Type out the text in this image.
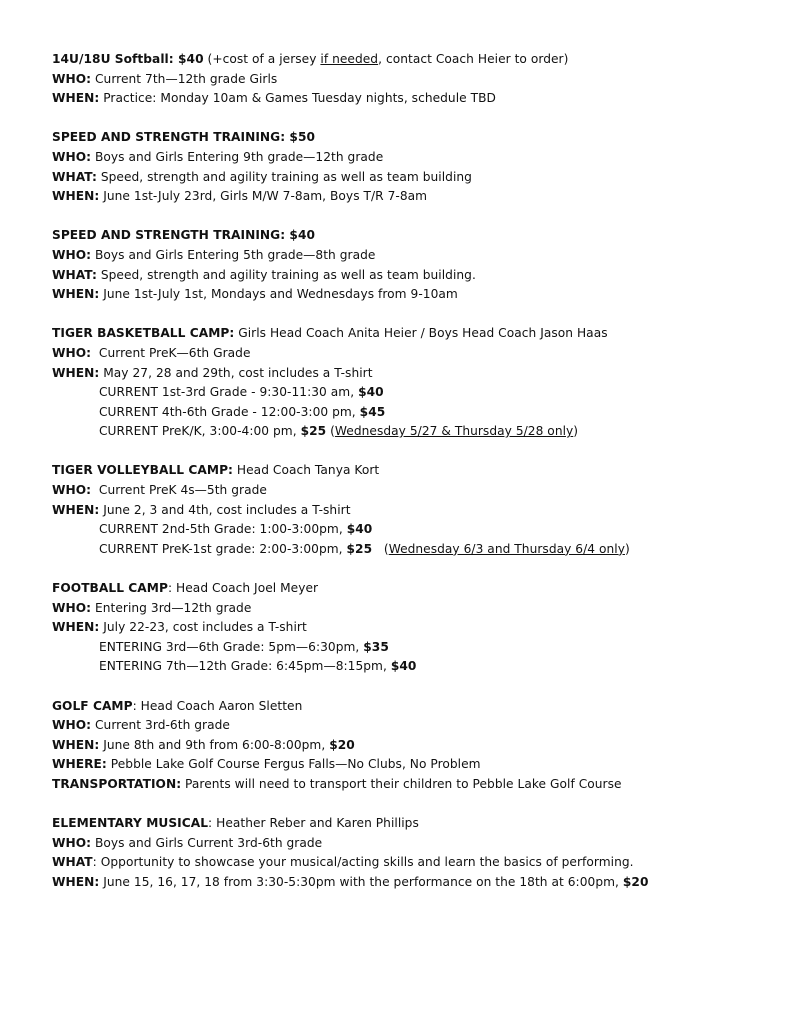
14U/18U Softball: $40 (+cost of a jersey if needed, contact Coach Heier to order)
WHO: Current 7th—12th grade Girls
WHEN: Practice: Monday 10am & Games Tuesday nights, schedule TBD
SPEED AND STRENGTH TRAINING: $50
WHO: Boys and Girls Entering 9th grade—12th grade
WHAT: Speed, strength and agility training as well as team building
WHEN: June 1st-July 23rd, Girls M/W 7-8am, Boys T/R 7-8am
SPEED AND STRENGTH TRAINING: $40
WHO: Boys and Girls Entering 5th grade—8th grade
WHAT: Speed, strength and agility training as well as team building.
WHEN: June 1st-July 1st, Mondays and Wednesdays from 9-10am
TIGER BASKETBALL CAMP: Girls Head Coach Anita Heier / Boys Head Coach Jason Haas
WHO:  Current PreK—6th Grade
WHEN: May 27, 28 and 29th, cost includes a T-shirt
CURRENT 1st-3rd Grade - 9:30-11:30 am, $40
CURRENT 4th-6th Grade - 12:00-3:00 pm, $45
CURRENT PreK/K, 3:00-4:00 pm, $25 (Wednesday 5/27 & Thursday 5/28 only)
TIGER VOLLEYBALL CAMP: Head Coach Tanya Kort
WHO:  Current PreK 4s—5th grade
WHEN: June 2, 3 and 4th, cost includes a T-shirt
CURRENT 2nd-5th Grade: 1:00-3:00pm, $40
CURRENT PreK-1st grade: 2:00-3:00pm, $25   (Wednesday 6/3 and Thursday 6/4 only)
FOOTBALL CAMP: Head Coach Joel Meyer
WHO: Entering 3rd—12th grade
WHEN: July 22-23, cost includes a T-shirt
ENTERING 3rd—6th Grade: 5pm—6:30pm, $35
ENTERING 7th—12th Grade: 6:45pm—8:15pm, $40
GOLF CAMP: Head Coach Aaron Sletten
WHO: Current 3rd-6th grade
WHEN: June 8th and 9th from 6:00-8:00pm, $20
WHERE: Pebble Lake Golf Course Fergus Falls—No Clubs, No Problem
TRANSPORTATION: Parents will need to transport their children to Pebble Lake Golf Course
ELEMENTARY MUSICAL: Heather Reber and Karen Phillips
WHO: Boys and Girls Current 3rd-6th grade
WHAT: Opportunity to showcase your musical/acting skills and learn the basics of performing.
WHEN: June 15, 16, 17, 18 from 3:30-5:30pm with the performance on the 18th at 6:00pm, $20
